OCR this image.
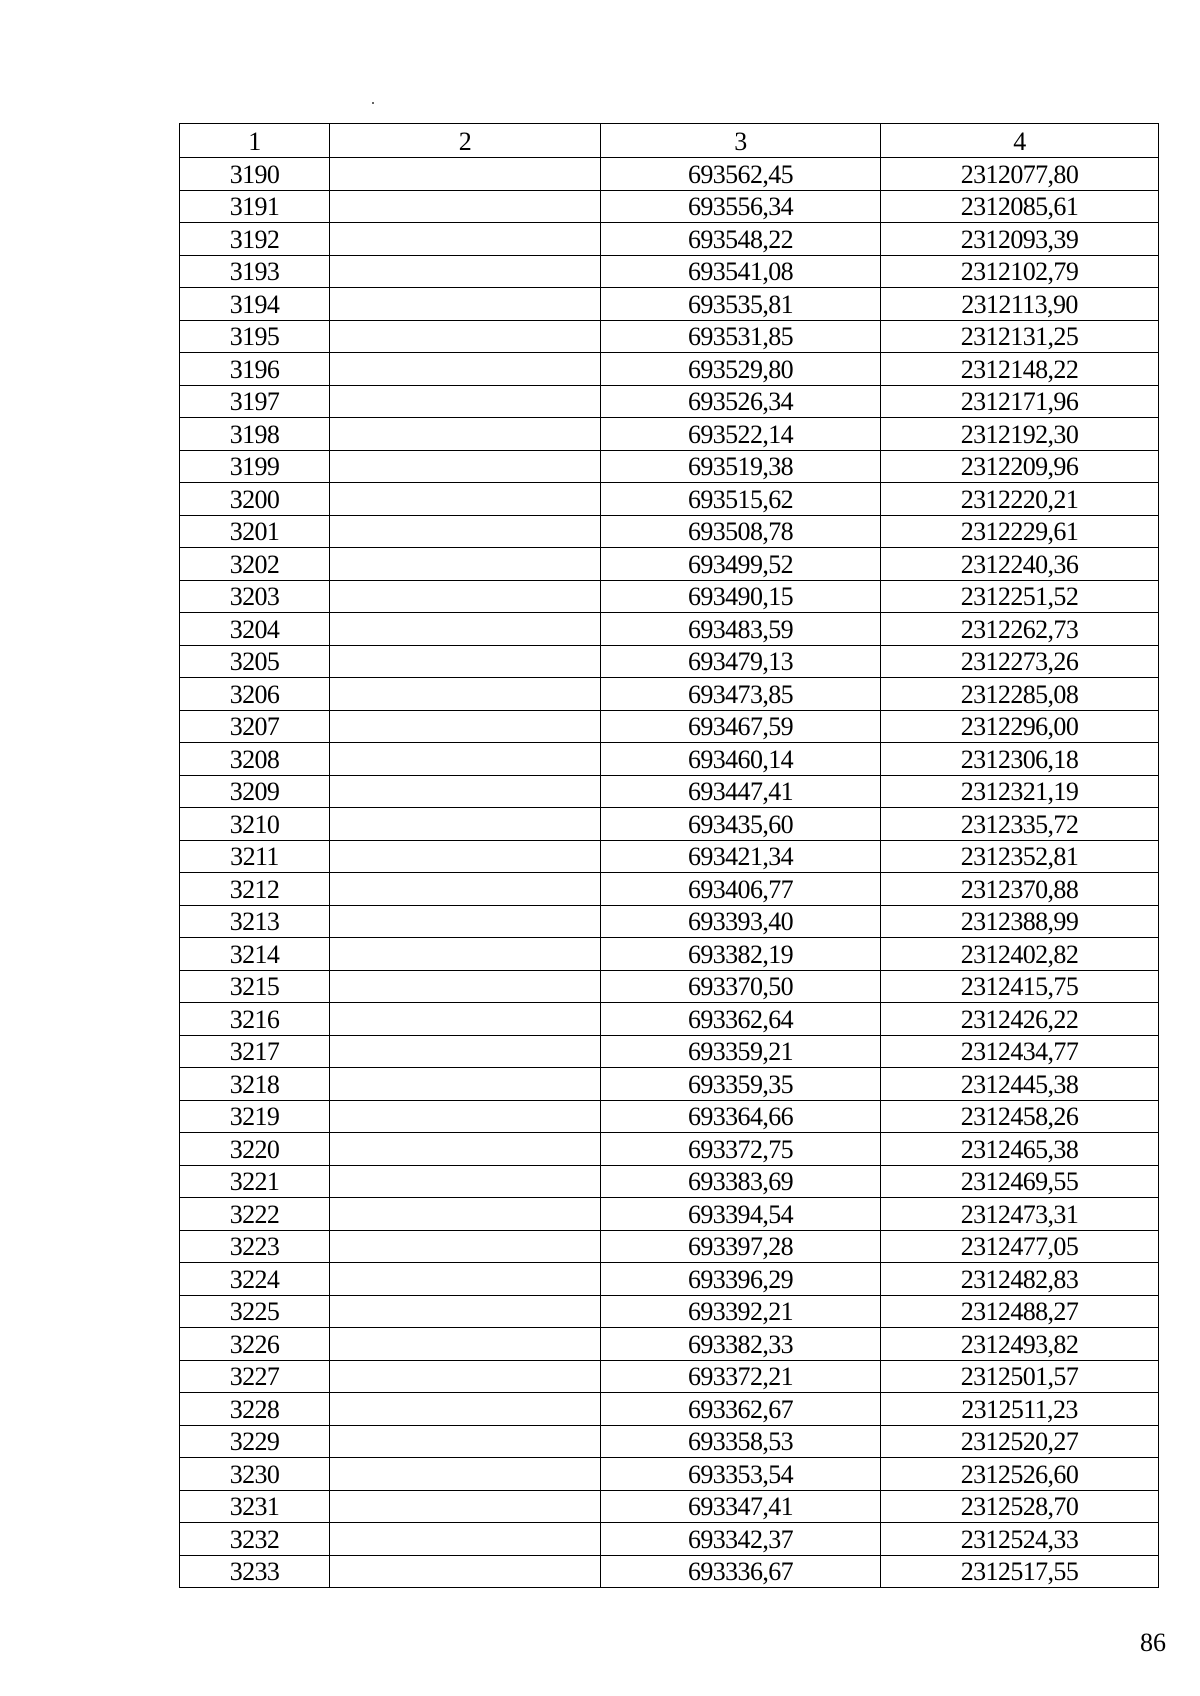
1	2	3	4
3190		693562,45	2312077,80
3191		693556,34	2312085,61
3192		693548,22	2312093,39
3193		693541,08	2312102,79
3194		693535,81	2312113,90
3195		693531,85	2312131,25
3196		693529,80	2312148,22
3197		693526,34	2312171,96
3198		693522,14	2312192,30
3199		693519,38	2312209,96
3200		693515,62	2312220,21
3201		693508,78	2312229,61
3202		693499,52	2312240,36
3203		693490,15	2312251,52
3204		693483,59	2312262,73
3205		693479,13	2312273,26
3206		693473,85	2312285,08
3207		693467,59	2312296,00
3208		693460,14	2312306,18
3209		693447,41	2312321,19
3210		693435,60	2312335,72
3211		693421,34	2312352,81
3212		693406,77	2312370,88
3213		693393,40	2312388,99
3214		693382,19	2312402,82
3215		693370,50	2312415,75
3216		693362,64	2312426,22
3217		693359,21	2312434,77
3218		693359,35	2312445,38
3219		693364,66	2312458,26
3220		693372,75	2312465,38
3221		693383,69	2312469,55
3222		693394,54	2312473,31
3223		693397,28	2312477,05
3224		693396,29	2312482,83
3225		693392,21	2312488,27
3226		693382,33	2312493,82
3227		693372,21	2312501,57
3228		693362,67	2312511,23
3229		693358,53	2312520,27
3230		693353,54	2312526,60
3231		693347,41	2312528,70
3232		693342,37	2312524,33
3233		693336,67	2312517,55
86
